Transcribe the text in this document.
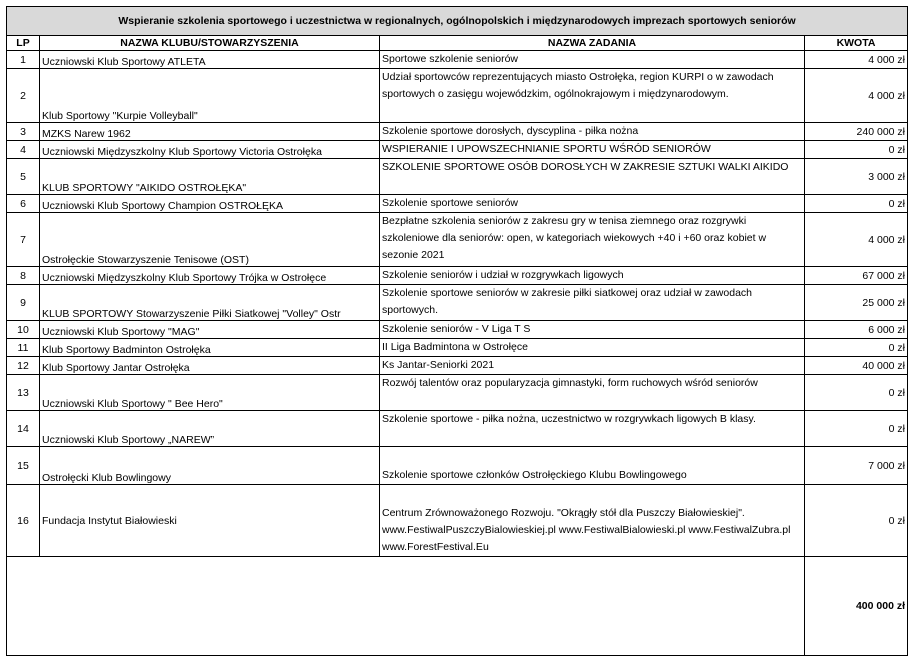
Wspieranie szkolenia sportowego i uczestnictwa w regionalnych, ogólnopolskich i międzynarodowych imprezach sportowych seniorów			
LP	NAZWA KLUBU/STOWARZYSZENIA	NAZWA ZADANIA	KWOTA
1	Uczniowski Klub Sportowy ATLETA	Sportowe szkolenie seniorów	4 000 zł
2	Klub Sportowy "Kurpie Volleyball"	Udział sportowców reprezentujących miasto Ostrołęka, region KURPI o w zawodach sportowych o zasięgu wojewódzkim, ogólnokrajowym i międzynarodowym.	4 000 zł
3	MZKS Narew 1962	Szkolenie sportowe dorosłych, dyscyplina - piłka nożna	240 000 zł
4	Uczniowski Międzyszkolny Klub Sportowy Victoria Ostrołęka	WSPIERANIE I UPOWSZECHNIANIE SPORTU WŚRÓD SENIORÓW	0 zł
5	KLUB SPORTOWY "AIKIDO OSTROŁĘKA"	SZKOLENIE SPORTOWE OSÓB DOROSŁYCH W ZAKRESIE SZTUKI WALKI AIKIDO	3 000 zł
6	Uczniowski Klub Sportowy Champion OSTROŁĘKA	Szkolenie sportowe seniorów	0 zł
7	Ostrołęckie Stowarzyszenie Tenisowe (OST)	Bezpłatne szkolenia seniorów z zakresu gry w tenisa ziemnego oraz rozgrywki szkoleniowe dla seniorów: open, w kategoriach wiekowych +40 i +60 oraz kobiet w sezonie 2021	4 000 zł
8	Uczniowski Międzyszkolny Klub Sportowy Trójka w Ostrołęce	Szkolenie seniorów i udział w rozgrywkach ligowych	67 000 zł
9	KLUB SPORTOWY Stowarzyszenie Piłki Siatkowej "Volley" Ostr	Szkolenie sportowe seniorów w zakresie piłki siatkowej oraz udział w zawodach sportowych.	25 000 zł
10	Uczniowski Klub Sportowy "MAG"	Szkolenie seniorów - V Liga T S	6 000 zł
11	Klub Sportowy Badminton Ostrołęka	II Liga Badmintona w Ostrołęce	0 zł
12	Klub Sportowy Jantar Ostrołęka	Ks Jantar-Seniorki 2021	40 000 zł
13	Uczniowski Klub Sportowy " Bee Hero"	Rozwój talentów oraz popularyzacja gimnastyki, form ruchowych wśród seniorów	0 zł
14	Uczniowski Klub Sportowy „NAREW”	Szkolenie sportowe - piłka nożna, uczestnictwo w rozgrywkach ligowych B klasy.	0 zł
15	Ostrołęcki Klub Bowlingowy	Szkolenie sportowe członków Ostrołęckiego Klubu Bowlingowego	7 000 zł
16	Fundacja Instytut Białowieski	Centrum Zrównoważonego Rozwoju. "Okrągły stół dla Puszczy Białowieskiej". www.FestiwalPuszczyBialowieskiej.pl www.FestiwalBialowieski.pl www.FestiwalZubra.pl www.ForestFestival.Eu	0 zł
			400 000 zł
